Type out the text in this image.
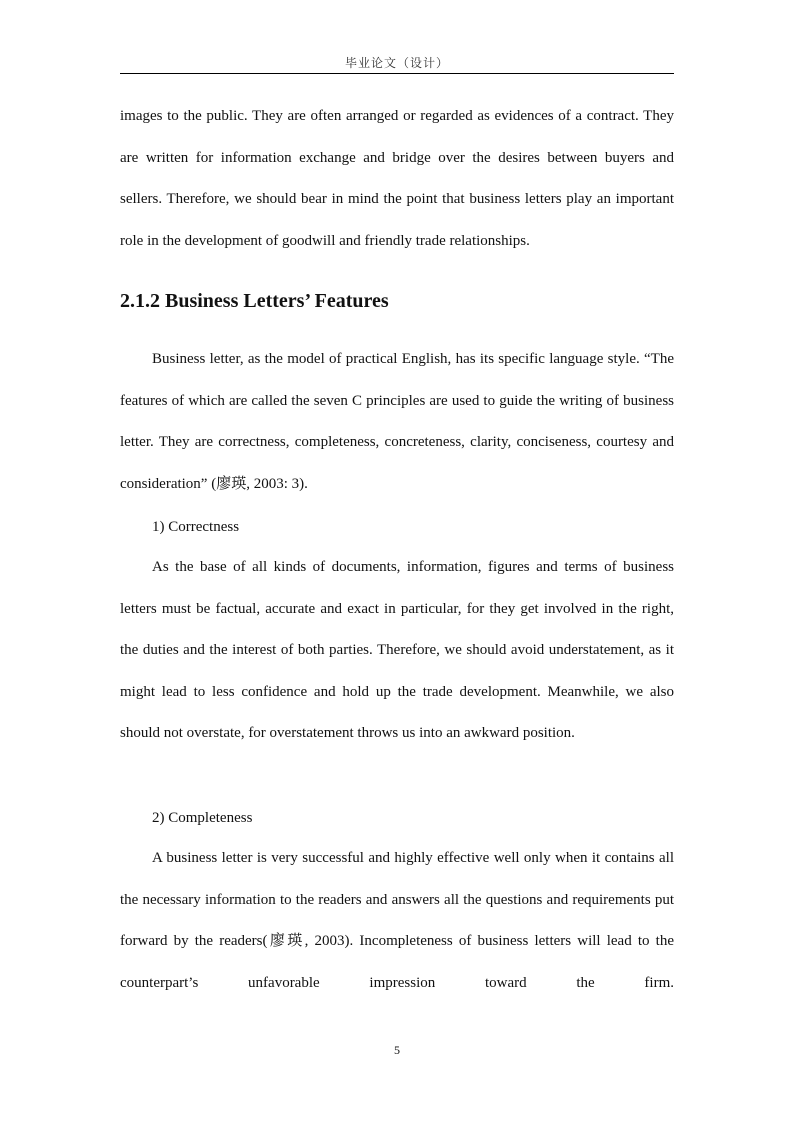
毕业论文（设计）

images to the public. They are often arranged or regarded as evidences of a contract. They are written for information exchange and bridge over the desires between buyers and sellers. Therefore, we should bear in mind the point that business letters play an important role in the development of goodwill and friendly trade relationships.

2.1.2 Business Letters’ Features

Business letter, as the model of practical English, has its specific language style. “The features of which are called the seven C principles are used to guide the writing of business letter. They are correctness, completeness, concreteness, clarity, conciseness, courtesy and consideration” (廖瑛, 2003: 3).

1) Correctness

As the base of all kinds of documents, information, figures and terms of business letters must be factual, accurate and exact in particular, for they get involved in the right, the duties and the interest of both parties. Therefore, we should avoid understatement, as it might lead to less confidence and hold up the trade development. Meanwhile, we also should not overstate, for overstatement throws us into an awkward position.

2) Completeness

A business letter is very successful and highly effective well only when it contains all the necessary information to the readers and answers all the questions and requirements put forward by the readers(廖瑛, 2003). Incompleteness of business letters will lead to the counterpart’s unfavorable impression toward the firm.

5
